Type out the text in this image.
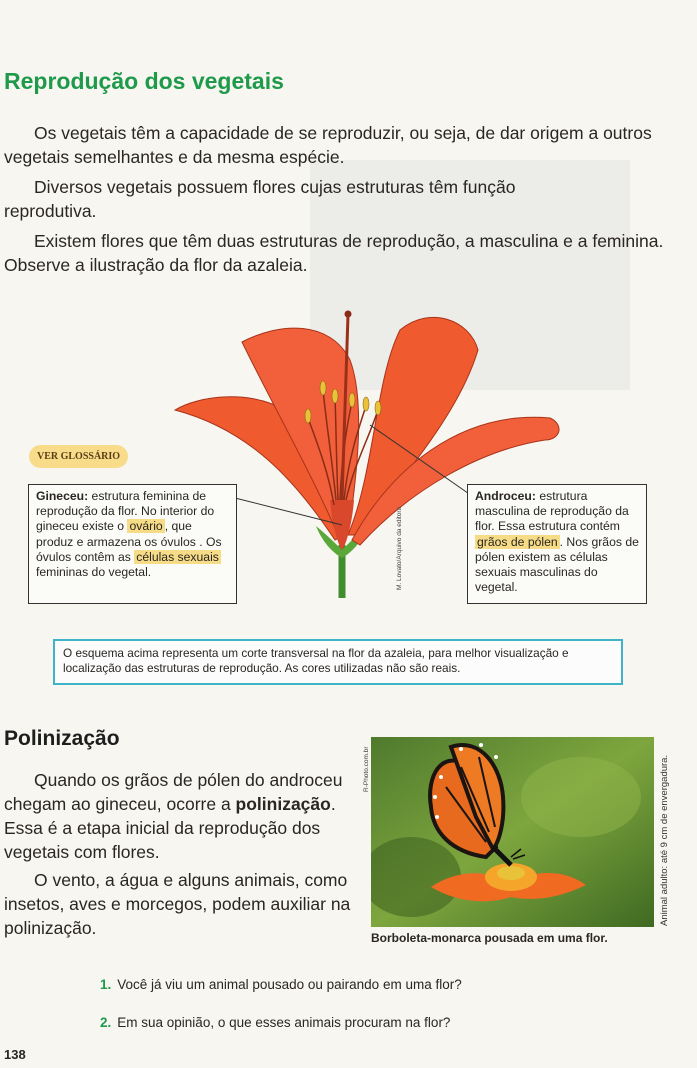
Reprodução dos vegetais

Os vegetais têm a capacidade de se reproduzir, ou seja, de dar origem a outros vegetais semelhantes e da mesma espécie.

Diversos vegetais possuem flores cujas estruturas têm função reprodutiva.

Existem flores que têm duas estruturas de reprodução, a masculina e a feminina. Observe a ilustração da flor da azaleia.

M. Lovato/Arquivo da editora
VER GLOSSÁRIO
Gineceu: estrutura feminina de reprodução da flor. No interior do gineceu existe o ovário , que produz e armazena os óvulos . Os óvulos contêm as células sexuais femininas do vegetal.
Androceu: estrutura masculina de reprodução da flor. Essa estrutura contém grãos de pólen . Nos grãos de pólen existem as células sexuais masculinas do vegetal.
O esquema acima representa um corte transversal na flor da azaleia, para melhor visualização e localização das estruturas de reprodução. As cores utilizadas não são reais.
Polinização

Quando os grãos de pólen do androceu chegam ao gineceu, ocorre a polinização. Essa é a etapa inicial da reprodução dos vegetais com flores.

O vento, a água e alguns animais, como insetos, aves e morcegos, podem auxiliar na polinização.

R-Photo.com.br	Animal adulto: até 9 cm de envergadura.
Borboleta-monarca pousada em uma flor.
1. Você já viu um animal pousado ou pairando em uma flor?
2. Em sua opinião, o que esses animais procuram na flor?
138
